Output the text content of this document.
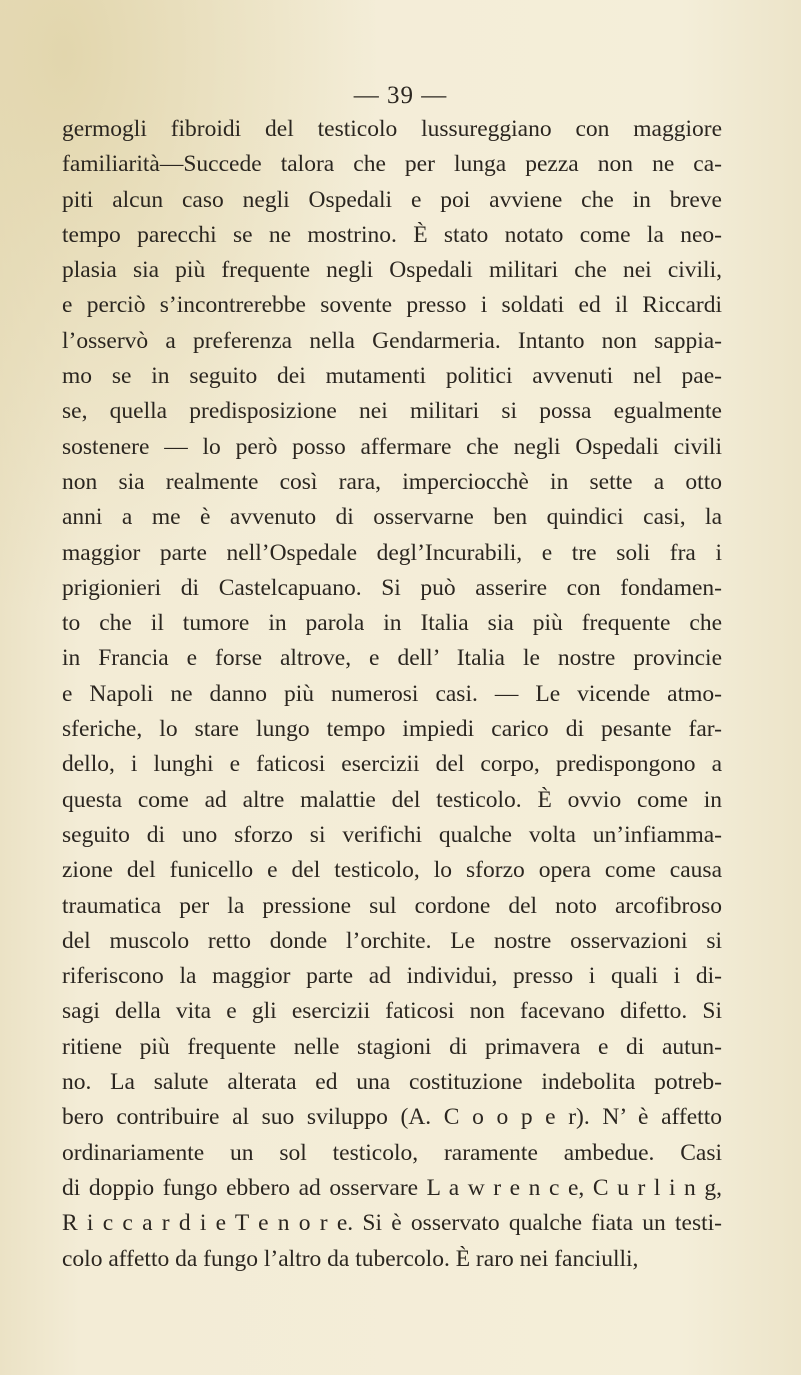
— 39 —
germogli fibroidi del testicolo lussureggiano con maggiore
familiarità—Succede talora che per lunga pezza non ne ca-
piti alcun caso negli Ospedali e poi avviene che in breve
tempo parecchi se ne mostrino. È stato notato come la neo-
plasia sia più frequente negli Ospedali militari che nei civili,
e perciò s’incontrerebbe sovente presso i soldati ed il Riccardi
l’osservò a preferenza nella Gendarmeria. Intanto non sappia-
mo se in seguito dei mutamenti politici avvenuti nel pae-
se, quella predisposizione nei militari si possa egualmente
sostenere — lo però posso affermare che negli Ospedali civili
non sia realmente così rara, imperciocchè in sette a otto
anni a me è avvenuto di osservarne ben quindici casi, la
maggior parte nell’Ospedale degl’Incurabili, e tre soli fra i
prigionieri di Castelcapuano. Si può asserire con fondamen-
to che il tumore in parola in Italia sia più frequente che
in Francia e forse altrove, e dell’ Italia le nostre provincie
e Napoli ne danno più numerosi casi. — Le vicende atmo-
sferiche, lo stare lungo tempo impiedi carico di pesante far-
dello, i lunghi e faticosi esercizii del corpo, predispongono a
questa come ad altre malattie del testicolo. È ovvio come in
seguito di uno sforzo si verifichi qualche volta un’infiamma-
zione del funicello e del testicolo, lo sforzo opera come causa
traumatica per la pressione sul cordone del noto arcofibroso
del muscolo retto donde l’orchite. Le nostre osservazioni si
riferiscono la maggior parte ad individui, presso i quali i di-
sagi della vita e gli esercizii faticosi non facevano difetto. Si
ritiene più frequente nelle stagioni di primavera e di autun-
no. La salute alterata ed una costituzione indebolita potreb-
bero contribuire al suo sviluppo (A. C o o p e r). N’ è affetto
ordinariamente un sol testicolo, raramente ambedue. Casi
di doppio fungo ebbero ad osservare L a w r e n c e, C u r l i n g,
R i c c a r d i e T e n o r e. Si è osservato qualche fiata un testi-
colo affetto da fungo l’altro da tubercolo. È raro nei fanciulli,
